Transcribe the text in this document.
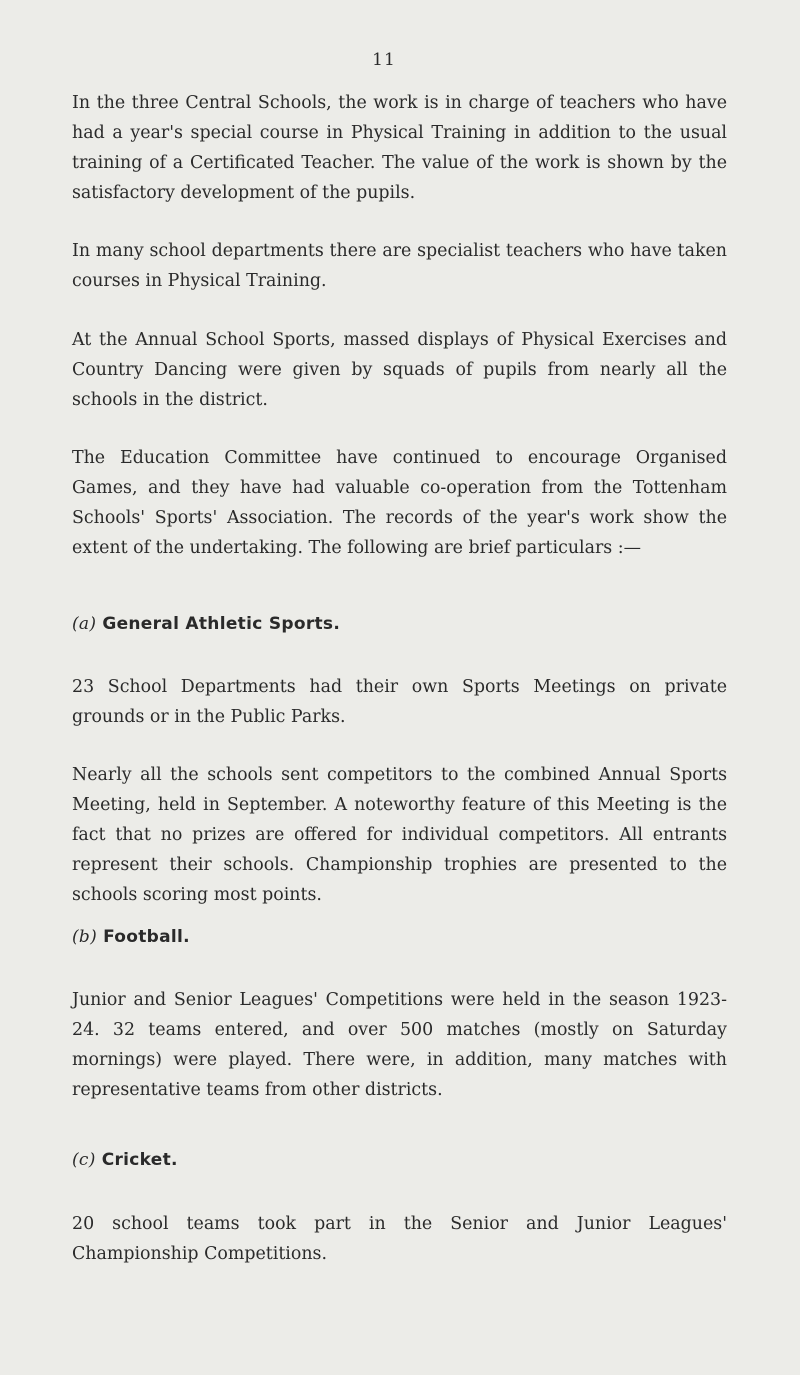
11

In the three Central Schools, the work is in charge of teachers who have had a year's special course in Physical Training in addition to the usual training of a Certificated Teacher. The value of the work is shown by the satisfactory development of the pupils.

In many school departments there are specialist teachers who have taken courses in Physical Training.

At the Annual School Sports, massed displays of Physical Exercises and Country Dancing were given by squads of pupils from nearly all the schools in the district.

The Education Committee have continued to encourage Organised Games, and they have had valuable co-operation from the Tottenham Schools' Sports' Association. The records of the year's work show the extent of the undertaking. The following are brief particulars :—

(a) General Athletic Sports.

23 School Departments had their own Sports Meetings on private grounds or in the Public Parks.

Nearly all the schools sent competitors to the combined Annual Sports Meeting, held in September. A noteworthy feature of this Meeting is the fact that no prizes are offered for individual competitors. All entrants represent their schools. Championship trophies are presented to the schools scoring most points.

(b) Football.

Junior and Senior Leagues' Competitions were held in the season 1923-24. 32 teams entered, and over 500 matches (mostly on Saturday mornings) were played. There were, in addition, many matches with representative teams from other districts.

(c) Cricket.

20 school teams took part in the Senior and Junior Leagues' Championship Competitions.
